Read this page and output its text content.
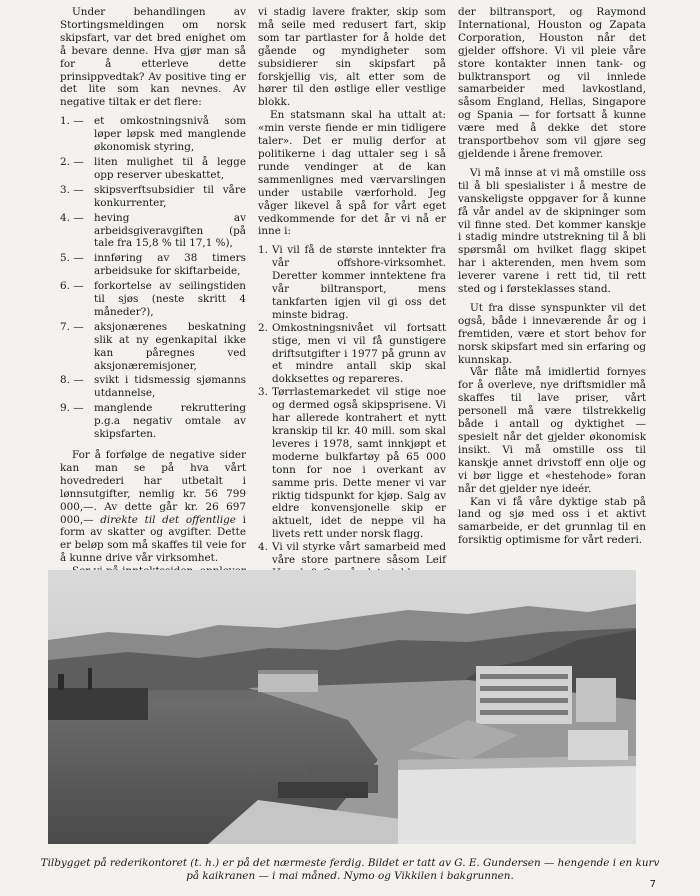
Under behandlingen av Stortingsmeldingen om norsk skipsfart, var det bred enighet om å bevare denne. Hva gjør man så for å etterleve dette prinsippvedtak? Av positive ting er det lite som kan nevnes. Av negative tiltak er det flere:

1. — et omkostningsnivå som løper løpsk med manglende økonomisk styring,
2. — liten mulighet til å legge opp reserver ubeskattet,
3. — skipsverftsubsidier til våre konkurrenter,
4. — heving av arbeidsgiveravgiften (på tale fra 15,8 % til 17,1 %),
5. — innføring av 38 timers arbeidsuke for skiftarbeide,
6. — forkortelse av seilingstiden til sjøs (neste skritt 4 måneder?),
7. — aksjonærenes beskatning slik at ny egenkapital ikke kan påregnes ved aksjonæremisjoner,
8. — svikt i tidsmessig sjømanns utdannelse,
9. — manglende rekruttering p.g.a negativ omtale av skipsfarten.

For å forfølge de negative sider kan man se på hva vårt hovedrederi har utbetalt i lønnsutgifter, nemlig kr. 56 799 000,—. Av dette går kr. 26 697 000,— direkte til det offentlige i form av skatter og avgifter. Dette er beløp som må skaffes til veie for å kunne drive vår virksomhet.

vi stadig lavere frakter, skip som må seile med redusert fart, skip som tar partlaster for å holde det gående og myndigheter som subsidierer sin skipsfart på forskjellig vis, alt etter som de hører til den østlige eller vestlige blokk.

En statsmann skal ha uttalt at: «min verste fiende er min tidligere taler». Det er mulig derfor at politikerne i dag uttaler seg i så runde vendinger at de kan sammenlignes med værvarslingen under ustabile værforhold. Jeg våger likevel å spå for vårt eget vedkommende for det år vi nå er inne i:

1. Vi vil få de største inntekter fra vår offshore-virksomhet. Deretter kommer inntektene fra vår biltransport, mens tankfarten igjen vil gi oss det minste bidrag.
2. Omkostningsnivået vil fortsatt stige, men vi vil få gunstigere driftsutgifter i 1977 på grunn av et mindre antall skip skal dokksettes og repareres.
3. Tørrlastemarkedet vil stige noe og dermed også skipsprisene. Vi har allerede kontrahert et nytt kranskip til kr. 40 mill. som skal leveres i 1978, samt innkjøpt et moderne bulkfartøy på 65 000 tonn for noe i overkant av samme pris. Dette mener vi var riktig tidspunkt for kjøp. Salg av eldre konvensjonelle skip er aktuelt, idet de neppe vil ha livets rett under norsk flagg.
4. Vi vil styrke vårt samarbeid med våre store partnere såsom Leif

der biltransport, og Raymond International, Houston og Zapata Corporation, Houston når det gjelder offshore. Vi vil pleie våre store kontakter innen tank- og bulktransport og vil innlede samarbeider med lavkostland, såsom England, Hellas, Singapore og Spania — for fortsatt å kunne være med å dekke det store transportbehov som vil gjøre seg gjeldende i årene fremover.

Vi må innse at vi må omstille oss til å bli spesialister i å mestre de vanskeligste oppgaver for å kunne få vår andel av de skipninger som vil finne sted. Det kommer kanskje i stadig mindre utstrekning til å bli spørsmål om hvilket flagg skipet har i akterenden, men hvem som leverer varene i rett tid, til rett sted og i førsteklasses stand.

Ut fra disse synspunkter vil det også, både i inneværende år og i fremtiden, være et stort behov for norsk skipsfart med sin erfaring og kunnskap.

Vår flåte må imidlertid fornyes for å overleve, nye driftsmidler må skaffes til lave priser, vårt personell må være tilstrekkelig både i antall og dyktighet — spesielt når det gjelder økonomisk insikt. Vi må omstille oss til kanskje annet drivstoff enn olje og vi bør ligge et «hestehode» foran når det gjelder nye ideér.

Kan vi få våre dyktige stab på land og sjø med oss i et aktivt samarbeide, er det grunnlag til en forsiktig optimisme for vårt rederi.

Tilbygget på rederikontoret (t. h.) er på det nærmeste ferdig. Bildet er tatt av G. E. Gundersen — hengende i en kurv på kaikranen — i mai måned. Nymo og Vikkilen i bakgrunnen.

7
